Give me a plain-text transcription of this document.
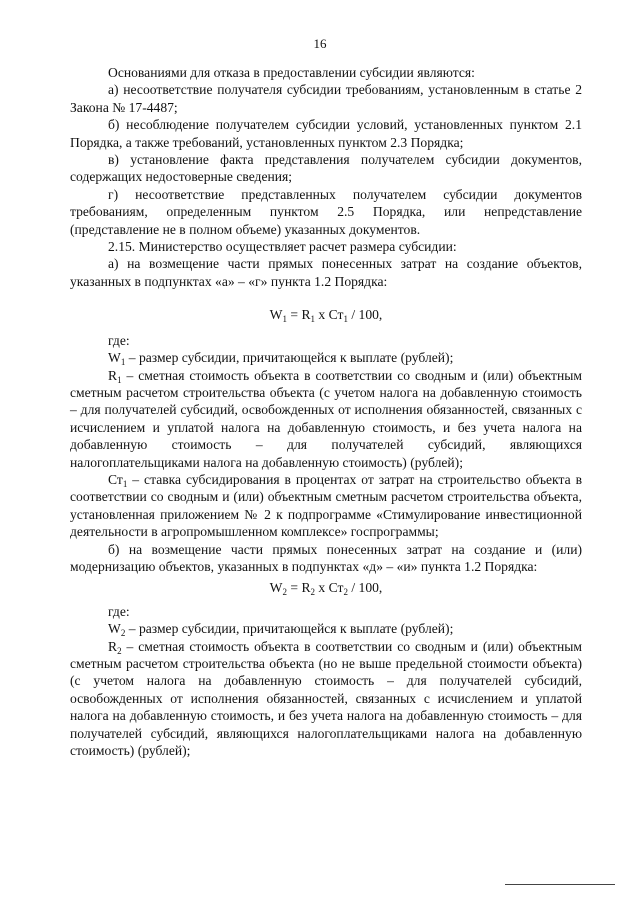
16

Основаниями для отказа в предоставлении субсидии являются:

а) несоответствие получателя субсидии требованиям, установленным в статье 2 Закона № 17-4487;

б) несоблюдение получателем субсидии условий, установленных пунктом 2.1 Порядка, а также требований, установленных пунктом 2.3 Порядка;

в) установление факта представления получателем субсидии документов, содержащих недостоверные сведения;

г) несоответствие представленных получателем субсидии документов требованиям, определенным пунктом 2.5 Порядка, или непредставление (представление не в полном объеме) указанных документов.

2.15. Министерство осуществляет расчет размера субсидии:

а) на возмещение части прямых понесенных затрат на создание объектов, указанных в подпунктах «а» – «г» пункта 1.2 Порядка:

$W_1 = R_1$ x $Ст_1 / 100$,

где:

$W_1$ – размер субсидии, причитающейся к выплате (рублей);

$R_1$ – сметная стоимость объекта в соответствии со сводным и (или) объектным сметным расчетом строительства объекта (с учетом налога на добавленную стоимость – для получателей субсидий, освобожденных от исполнения обязанностей, связанных с исчислением и уплатой налога на добавленную стоимость, и без учета налога на добавленную стоимость – для получателей субсидий, являющихся налогоплательщиками налога на добавленную стоимость) (рублей);

$Ст_1$ – ставка субсидирования в процентах от затрат на строительство объекта в соответствии со сводным и (или) объектным сметным расчетом строительства объекта, установленная приложением № 2 к подпрограмме «Стимулирование инвестиционной деятельности в агропромышленном комплексе» госпрограммы;

б) на возмещение части прямых понесенных затрат на создание и (или) модернизацию объектов, указанных в подпунктах «д» – «и» пункта 1.2 Порядка:

$W_2 = R_2$ x $Ст_2 / 100$,

где:

$W_2$ – размер субсидии, причитающейся к выплате (рублей);

$R_2$ – сметная стоимость объекта в соответствии со сводным и (или) объектным сметным расчетом строительства объекта (но не выше предельной стоимости объекта) (с учетом налога на добавленную стоимость – для получателей субсидий, освобожденных от исполнения обязанностей, связанных с исчислением и уплатой налога на добавленную стоимость, и без учета налога на добавленную стоимость – для получателей субсидий, являющихся налогоплательщиками налога на добавленную стоимость) (рублей);
